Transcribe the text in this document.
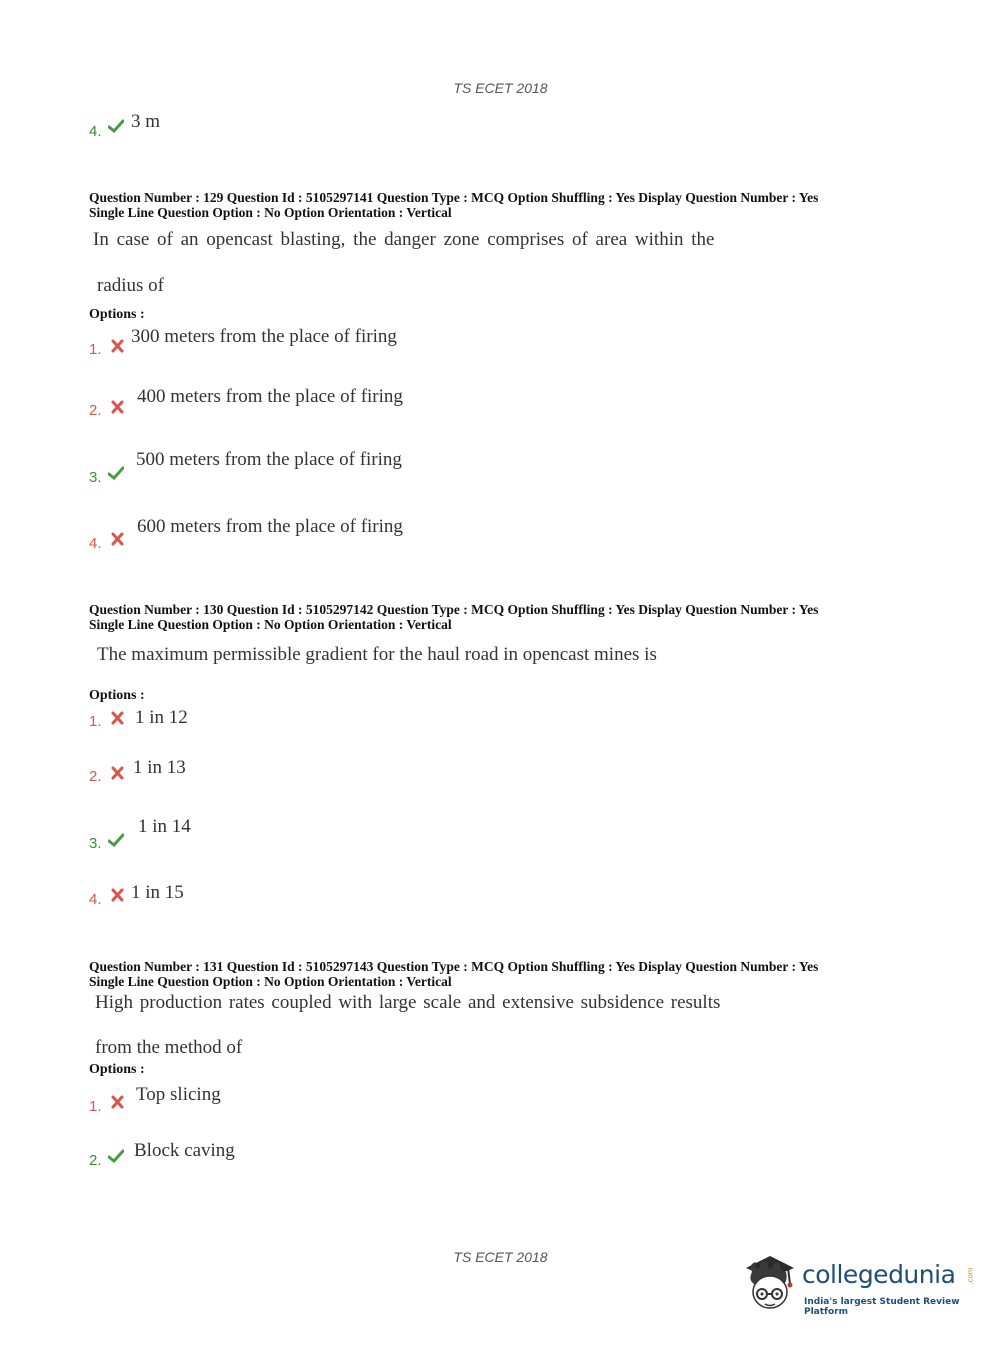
TS ECET 2018
4. 3 m
Question Number : 129 Question Id : 5105297141 Question Type : MCQ Option Shuffling : Yes Display Question Number : Yes
Single Line Question Option : No Option Orientation : Vertical
In case of an opencast blasting, the danger zone comprises of area within the
radius of
Options :
1.
300 meters from the place of firing
2.
400 meters from the place of firing
3.
500 meters from the place of firing
4.
600 meters from the place of firing
Question Number : 130 Question Id : 5105297142 Question Type : MCQ Option Shuffling : Yes Display Question Number : Yes
Single Line Question Option : No Option Orientation : Vertical
The maximum permissible gradient for the haul road in opencast mines is
Options :
1. 1 in 12
2. 1 in 13
3.
1 in 14
4. 1 in 15
Question Number : 131 Question Id : 5105297143 Question Type : MCQ Option Shuffling : Yes Display Question Number : Yes
Single Line Question Option : No Option Orientation : Vertical
High production rates coupled with large scale and extensive subsidence results
from the method of
Options :
1.
Top slicing
2. Block caving
TS ECET 2018
collegedunia .com
India's largest Student Review Platform
